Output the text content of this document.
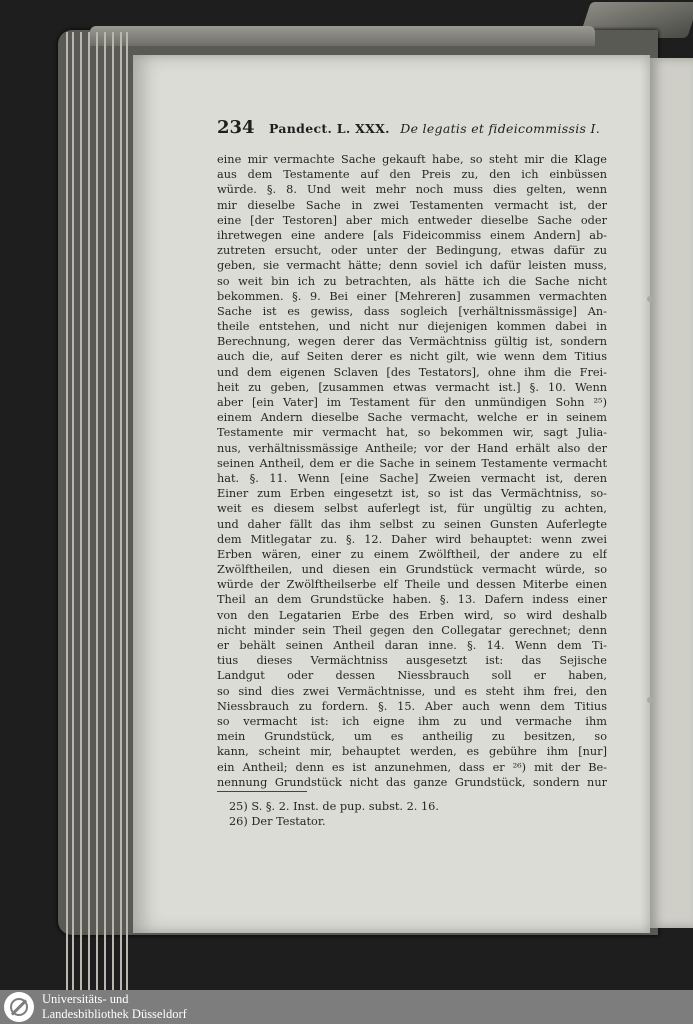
234 Pandect. L. XXX. De legatis et fideicommissis I.
eine mir vermachte Sache gekauft habe, so steht mir die Klage
aus dem Testamente auf den Preis zu, den ich einbüssen
würde. §. 8. Und weit mehr noch muss dies gelten, wenn
mir dieselbe Sache in zwei Testamenten vermacht ist, der
eine [der Testoren] aber mich entweder dieselbe Sache oder
ihretwegen eine andere [als Fideicommiss einem Andern] ab-
zutreten ersucht, oder unter der Bedingung, etwas dafür zu
geben, sie vermacht hätte; denn soviel ich dafür leisten muss,
so weit bin ich zu betrachten, als hätte ich die Sache nicht
bekommen. §. 9. Bei einer [Mehreren] zusammen vermachten
Sache ist es gewiss, dass sogleich [verhältnissmässige] An-
theile entstehen, und nicht nur diejenigen kommen dabei in
Berechnung, wegen derer das Vermächtniss gültig ist, sondern
auch die, auf Seiten derer es nicht gilt, wie wenn dem Titius
und dem eigenen Sclaven [des Testators], ohne ihm die Frei-
heit zu geben, [zusammen etwas vermacht ist.] §. 10. Wenn
aber [ein Vater] im Testament für den unmündigen Sohn ²⁵)
einem Andern dieselbe Sache vermacht, welche er in seinem
Testamente mir vermacht hat, so bekommen wir, sagt Julia-
nus, verhältnissmässige Antheile; vor der Hand erhält also der
seinen Antheil, dem er die Sache in seinem Testamente vermacht
hat. §. 11. Wenn [eine Sache] Zweien vermacht ist, deren
Einer zum Erben eingesetzt ist, so ist das Vermächtniss, so-
weit es diesem selbst auferlegt ist, für ungültig zu achten,
und daher fällt das ihm selbst zu seinen Gunsten Auferlegte
dem Mitlegatar zu. §. 12. Daher wird behauptet: wenn zwei
Erben wären, einer zu einem Zwölftheil, der andere zu elf
Zwölftheilen, und diesen ein Grundstück vermacht würde, so
würde der Zwölftheilserbe elf Theile und dessen Miterbe einen
Theil an dem Grundstücke haben. §. 13. Dafern indess einer
von den Legatarien Erbe des Erben wird, so wird deshalb
nicht minder sein Theil gegen den Collegatar gerechnet; denn
er behält seinen Antheil daran inne. §. 14. Wenn dem Ti-
tius dieses Vermächtniss ausgesetzt ist: das Sejische
Landgut oder dessen Niessbrauch soll er haben,
so sind dies zwei Vermächtnisse, und es steht ihm frei, den
Niessbrauch zu fordern. §. 15. Aber auch wenn dem Titius
so vermacht ist: ich eigne ihm zu und vermache ihm
mein Grundstück, um es antheilig zu besitzen, so
kann, scheint mir, behauptet werden, es gebühre ihm [nur]
ein Antheil; denn es ist anzunehmen, dass er ²⁶) mit der Be-
nennung Grundstück nicht das ganze Grundstück, sondern nur
25) S. §. 2. Inst. de pup. subst. 2. 16.
26) Der Testator.
Universitäts- und
Landesbibliothek Düsseldorf
